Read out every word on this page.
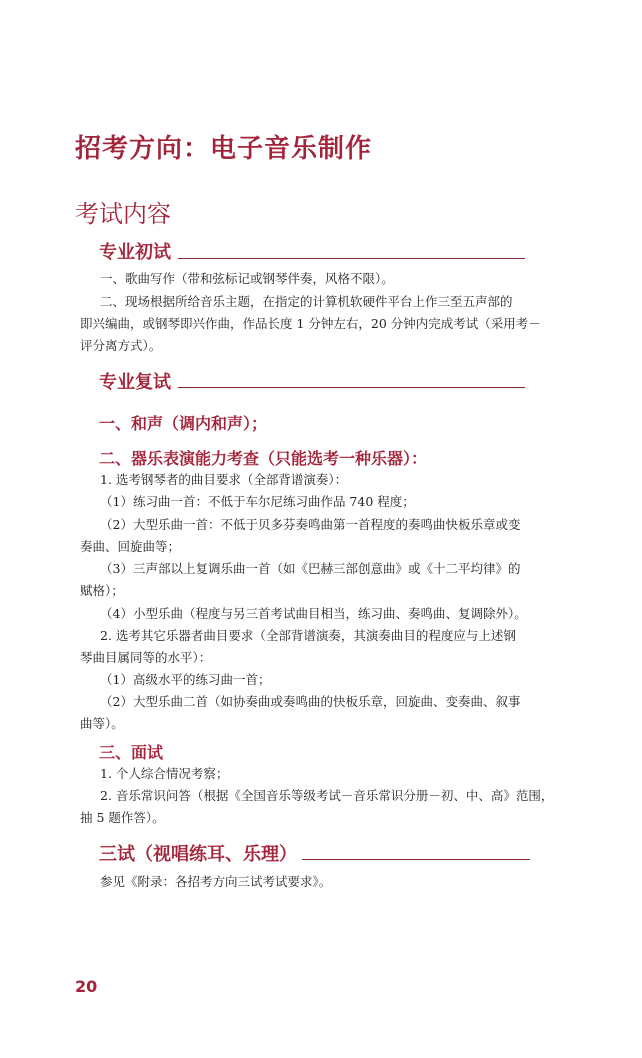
招考方向：电子音乐制作
考试内容
专业初试
一、歌曲写作（带和弦标记或钢琴伴奏，风格不限）。
二、现场根据所给音乐主题，在指定的计算机软硬件平台上作三至五声部的
即兴编曲，或钢琴即兴作曲，作品长度 1 分钟左右，20 分钟内完成考试（采用考－
评分离方式）。
专业复试
一、和声（调内和声）；
二、器乐表演能力考查（只能选考一种乐器）：
1. 选考钢琴者的曲目要求（全部背谱演奏）：
（1）练习曲一首：不低于车尔尼练习曲作品 740 程度；
（2）大型乐曲一首：不低于贝多芬奏鸣曲第一首程度的奏鸣曲快板乐章或变
奏曲、回旋曲等；
（3）三声部以上复调乐曲一首（如《巴赫三部创意曲》或《十二平均律》的
赋格）；
（4）小型乐曲（程度与另三首考试曲目相当，练习曲、奏鸣曲、复调除外）。
2. 选考其它乐器者曲目要求（全部背谱演奏，其演奏曲目的程度应与上述钢
琴曲目属同等的水平）：
（1）高级水平的练习曲一首；
（2）大型乐曲二首（如协奏曲或奏鸣曲的快板乐章，回旋曲、变奏曲、叙事
曲等）。
三、面试
1. 个人综合情况考察；
2. 音乐常识问答（根据《全国音乐等级考试－音乐常识分册－初、中、高》范围，
抽 5 题作答）。
三试（视唱练耳、乐理）
参见《附录：各招考方向三试考试要求》。
20
